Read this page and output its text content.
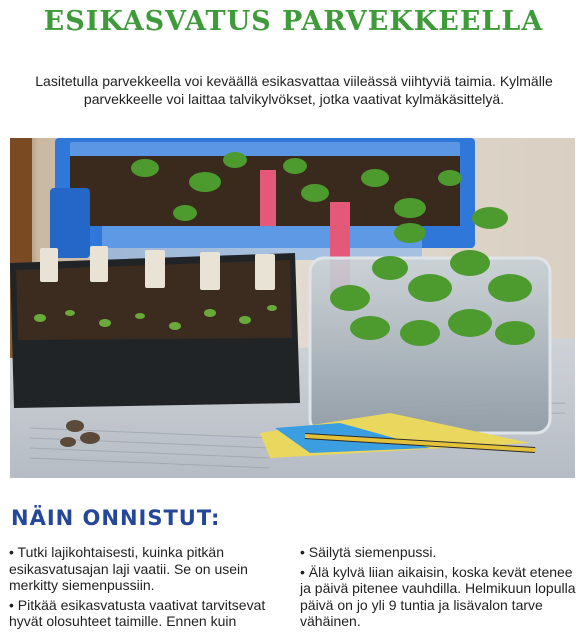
ESIKASVATUS PARVEKKEELLA
Lasitetulla parvekkeella voi keväällä esikasvattaa viileässä viihtyviä taimia. Kylmälle parvekkeelle voi laittaa talvikylvökset, jotka vaativat kylmäkäsittelyä.
NÄIN ONNISTUT:

• Tutki lajikohtaisesti, kuinka pitkän esikasvatusajan laji vaatii. Se on usein merkitty siemenpussiin.

• Pitkää esikasvatusta vaativat tarvitsevat hyvät olosuhteet taimille. Ennen kuin

• Säilytä siemenpussi.

• Älä kylvä liian aikaisin, koska kevät etenee ja päivä pitenee vauhdilla. Helmikuun lopulla päivä on jo yli 9 tuntia ja lisävalon tarve vähäinen.
